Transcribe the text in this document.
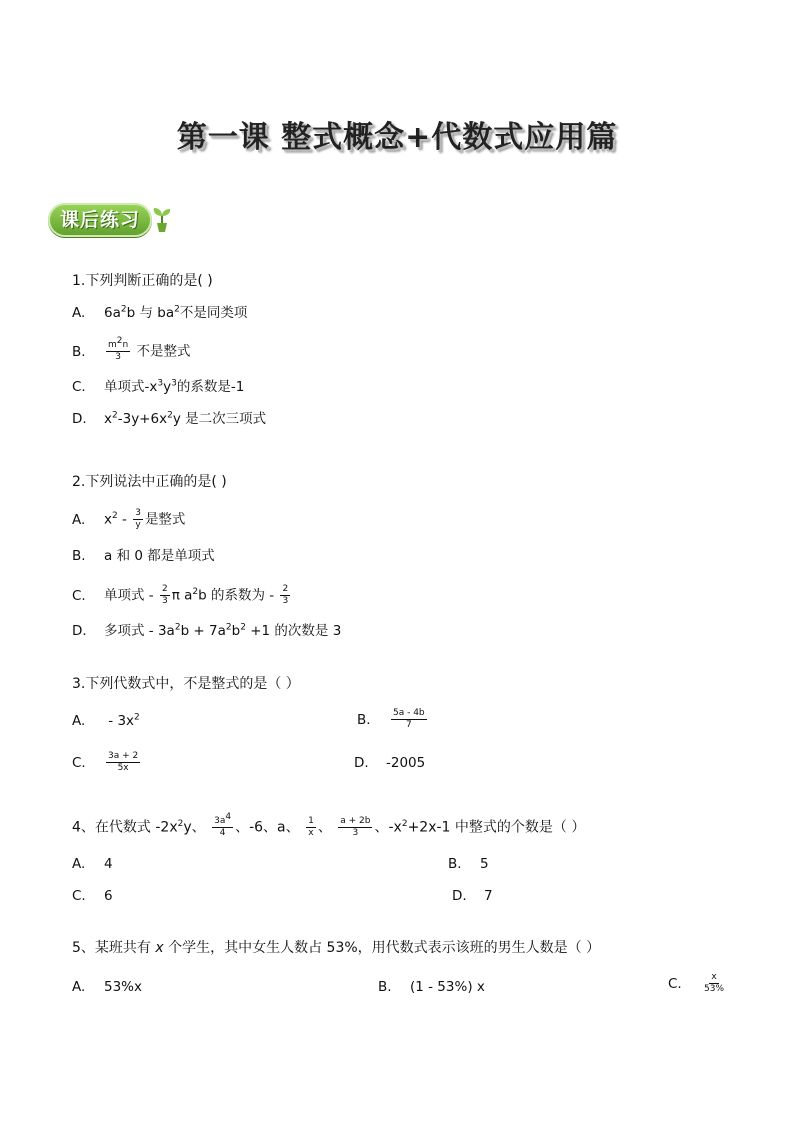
第一课 整式概念+代数式应用篇
课后练习
1.下列判断正确的是( )
A. $6a^2b$ 与 $ba^2$不是同类项
B. $\frac{m^2n}{3}$ 不是整式
C. 单项式$-x^3y^3$的系数是-1
D. $x^2-3y+6x^2y$ 是二次三项式
2.下列说法中正确的是( )
A. $x^2 - \frac{3}{y}$ 是整式
B. a 和 0 都是单项式
C. 单项式 - $\frac{2}{3}$ π $a^2b$ 的系数为 - $\frac{2}{3}$
D. 多项式 - $3a^2b + 7a^2b^2 +1$ 的次数是 3
3.下列代数式中，不是整式的是（ ）
A. - $3x^2$	B. $\frac{5a - 4b}{7}$
C. $\frac{3a + 2}{5x}$	D. -2005
4、在代数式 $-2x^2y$、 $\frac{3a^4}{4}$ 、-6、a、 $\frac{1}{x}$ 、 $\frac{a + 2b}{3}$ 、$-x^2+2x-1$ 中整式的个数是（ ）
A. 4	B. 5
C. 6	D. 7
5、某班共有 x 个学生，其中女生人数占 53%，用代数式表示该班的男生人数是（ ）
A. 53%x	B. (1 - 53%) x	C. $\frac{x}{53\%}$
